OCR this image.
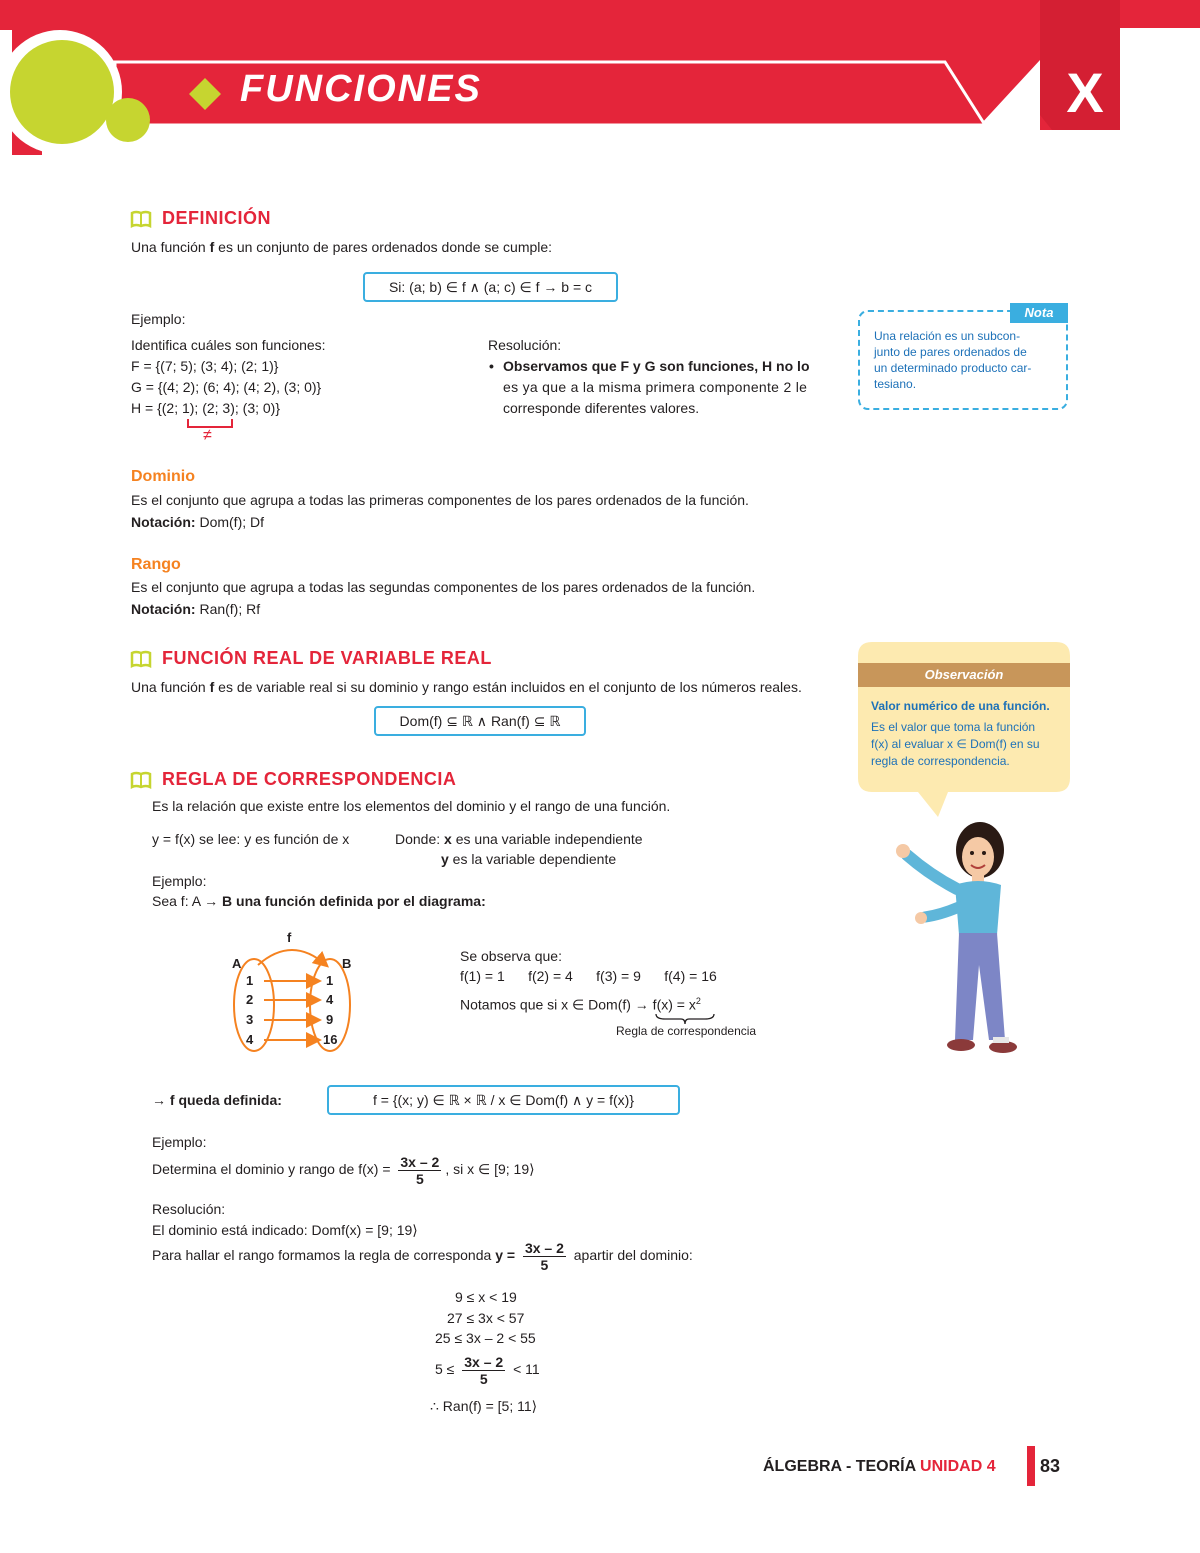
FUNCIONES	X
DEFINICIÓN
Una función f es un conjunto de pares ordenados donde se cumple:
Si: (a; b) ∈ f ∧ (a; c) ∈ f → b = c
Ejemplo:
Identifica cuáles son funciones:
F = {(7; 5); (3; 4); (2; 1)}
G = {(4; 2); (6; 4); (4; 2), (3; 0)}
H = {(2; 1); (2; 3); (3; 0)}
≠
Resolución:
• Observamos que F y G son funciones, H no lo
es ya que a la misma primera componente 2 le
corresponde diferentes valores.
Nota
Una relación es un subcon-
junto de pares ordenados de
un determinado producto car-
tesiano.
Dominio
Es el conjunto que agrupa a todas las primeras componentes de los pares ordenados de la función.
Notación: Dom(f); Df
Rango
Es el conjunto que agrupa a todas las segundas componentes de los pares ordenados de la función.
Notación: Ran(f); Rf
FUNCIÓN REAL DE VARIABLE REAL
Una función f es de variable real si su dominio y rango están incluidos en el conjunto de los números reales.
Dom(f) ⊆ ℝ ∧ Ran(f) ⊆ ℝ
Observación
Valor numérico de una función.
Es el valor que toma la función
f(x) al evaluar x ∈ Dom(f) en su
regla de correspondencia.
REGLA DE CORRESPONDENCIA
Es la relación que existe entre los elementos del dominio y el rango de una función.
y = f(x) se lee: y es función de x	Donde: x es una variable independiente
y es la variable dependiente
Ejemplo:
Sea f: A → B una función definida por el diagrama:
f
A	B
1
2
3
4
1
4
9
16
Se observa que:
f(1) = 1      f(2) = 4      f(3) = 9      f(4) = 16
Notamos que si x ∈ $Dom(f) \to f(x) = x^2$
Regla de correspondencia
→ f queda definida:	f = {(x; y) ∈ ℝ × ℝ / x ∈ Dom(f) ∧ y = f(x)}
Ejemplo:
Determina el dominio y rango de $f(x) = \frac{3x - 2}{5}$ , si x ∈ [9; 19⟩
Resolución:
El dominio está indicado: Domf(x) = [9; 19⟩
Para hallar el rango formamos la regla de corresponda $y = \frac{3x - 2}{5}$ apartir del dominio:
9 ≤ x < 19
27 ≤ 3x < 57
25 ≤ 3x – 2 < 55
$5 \le \frac{3x - 2}{5} < 11$
∴ Ran(f) = [5; 11⟩
ÁLGEBRA - TEORÍA UNIDAD 4 83
